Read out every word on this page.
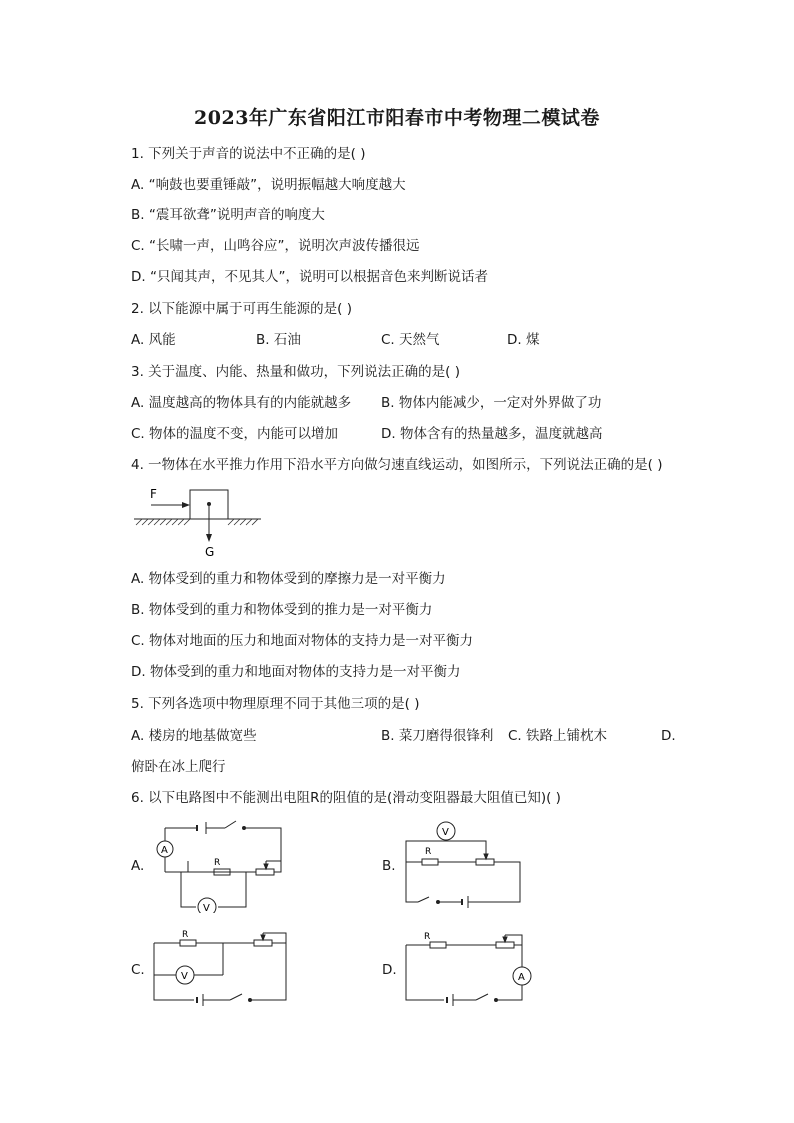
2023年广东省阳江市阳春市中考物理二模试卷
1. 下列关于声音的说法中不正确的是( )
A. “响鼓也要重锤敲”，说明振幅越大响度越大
B. “震耳欲聋”说明声音的响度大
C. “长啸一声，山鸣谷应”，说明次声波传播很远
D. “只闻其声，不见其人”，说明可以根据音色来判断说话者
2. 以下能源中属于可再生能源的是( )
A. 风能	B. 石油	C. 天然气	D. 煤
3. 关于温度、内能、热量和做功，下列说法正确的是( )
A. 温度越高的物体具有的内能就越多 B. 物体内能减少，一定对外界做了功
C. 物体的温度不变，内能可以增加	D. 物体含有的热量越多，温度就越高
4. 一物体在水平推力作用下沿水平方向做匀速直线运动，如图所示，下列说法正确的是( )
F
G
A. 物体受到的重力和物体受到的摩擦力是一对平衡力
B. 物体受到的重力和物体受到的推力是一对平衡力
C. 物体对地面的压力和地面对物体的支持力是一对平衡力
D. 物体受到的重力和地面对物体的支持力是一对平衡力
5. 下列各选项中物理原理不同于其他三项的是( )
A. 楼房的地基做宽些	B. 菜刀磨得很锋利 C. 铁路上铺枕木	D.
俯卧在冰上爬行
6. 以下电路图中不能测出电阻R的阻值的是(滑动变阻器最大阻值已知)( )
A.
A
V
R	B.
V
R
C.	V
R
D.	A
R
